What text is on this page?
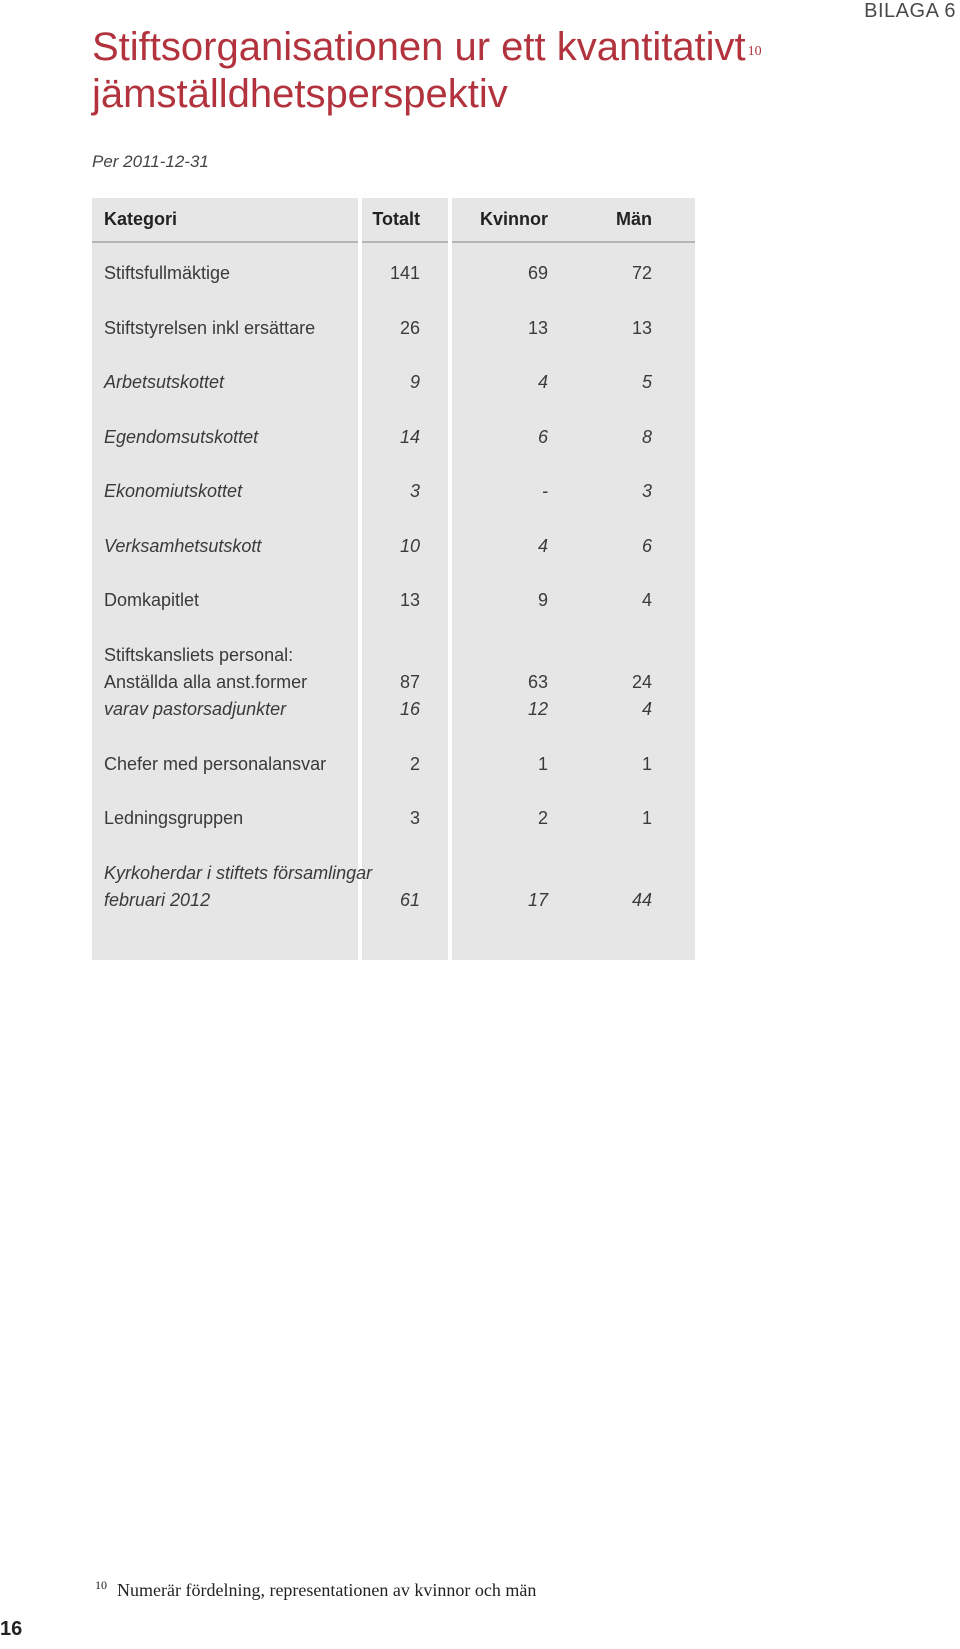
BILAGA 6
Stiftsorganisationen ur ett kvantitativt $^{10}$
jämställdhetsperspektiv
Per 2011-12-31
Kategori	Totalt	Kvinnor	Män
Stiftsfullmäktige	141	69	72
Stiftstyrelsen inkl ersättare	26	13	13
Arbetsutskottet	9	4	5
Egendomsutskottet	14	6	8
Ekonomiutskottet	3	-	3
Verksamhetsutskott	10	4	6
Domkapitlet	13	9	4
Stiftskansliets personal:
Anställda alla anst.former	87	63	24
varav pastorsadjunkter	16	12	4
Chefer med personalansvar	2	1	1
Ledningsgruppen	3	2	1
Kyrkoherdar i stiftets församlingar
februari 2012	61	17	44
$^{10}$ Numerär fördelning, representationen av kvinnor och män
16
